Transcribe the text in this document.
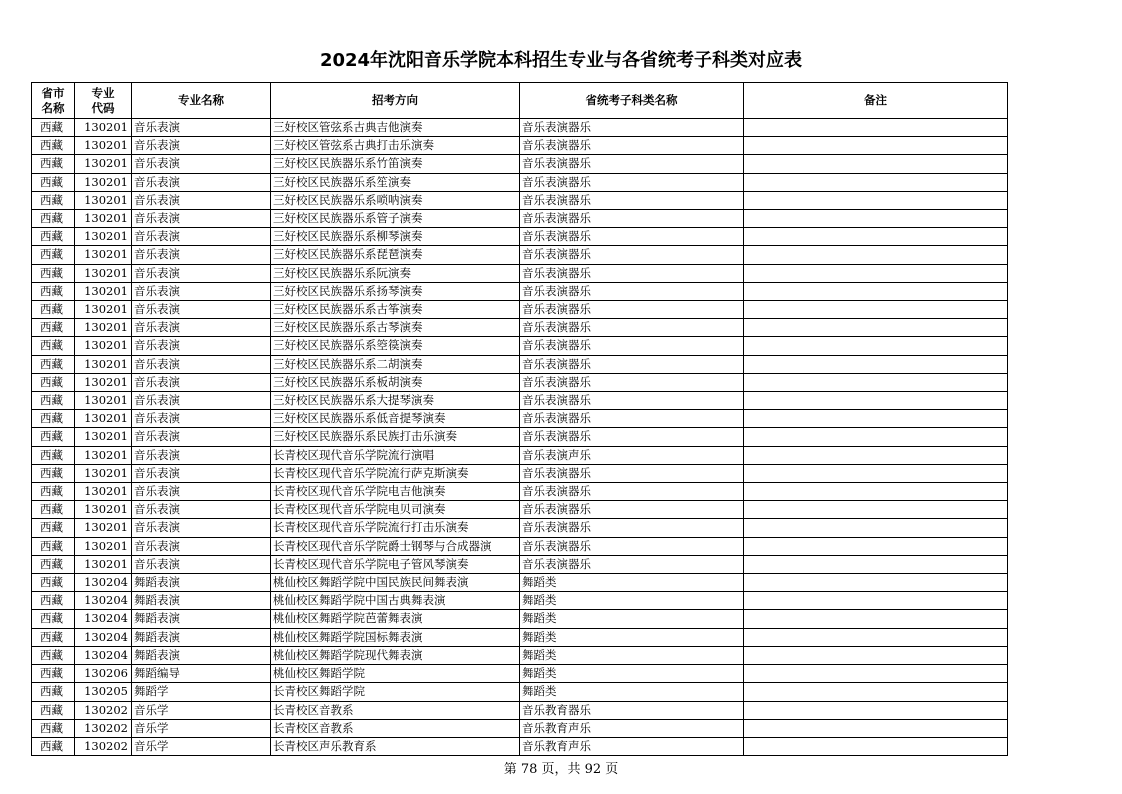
2024年沈阳音乐学院本科招生专业与各省统考子科类对应表
省市名称	专业代码	专业名称	招考方向	省统考子科类名称	备注
西藏	130201	音乐表演	三好校区管弦系古典吉他演奏	音乐表演器乐	
西藏	130201	音乐表演	三好校区管弦系古典打击乐演奏	音乐表演器乐	
西藏	130201	音乐表演	三好校区民族器乐系竹笛演奏	音乐表演器乐	
西藏	130201	音乐表演	三好校区民族器乐系笙演奏	音乐表演器乐	
西藏	130201	音乐表演	三好校区民族器乐系唢呐演奏	音乐表演器乐	
西藏	130201	音乐表演	三好校区民族器乐系管子演奏	音乐表演器乐	
西藏	130201	音乐表演	三好校区民族器乐系柳琴演奏	音乐表演器乐	
西藏	130201	音乐表演	三好校区民族器乐系琵琶演奏	音乐表演器乐	
西藏	130201	音乐表演	三好校区民族器乐系阮演奏	音乐表演器乐	
西藏	130201	音乐表演	三好校区民族器乐系扬琴演奏	音乐表演器乐	
西藏	130201	音乐表演	三好校区民族器乐系古筝演奏	音乐表演器乐	
西藏	130201	音乐表演	三好校区民族器乐系古琴演奏	音乐表演器乐	
西藏	130201	音乐表演	三好校区民族器乐系箜篌演奏	音乐表演器乐	
西藏	130201	音乐表演	三好校区民族器乐系二胡演奏	音乐表演器乐	
西藏	130201	音乐表演	三好校区民族器乐系板胡演奏	音乐表演器乐	
西藏	130201	音乐表演	三好校区民族器乐系大提琴演奏	音乐表演器乐	
西藏	130201	音乐表演	三好校区民族器乐系低音提琴演奏	音乐表演器乐	
西藏	130201	音乐表演	三好校区民族器乐系民族打击乐演奏	音乐表演器乐	
西藏	130201	音乐表演	长青校区现代音乐学院流行演唱	音乐表演声乐	
西藏	130201	音乐表演	长青校区现代音乐学院流行萨克斯演奏	音乐表演器乐	
西藏	130201	音乐表演	长青校区现代音乐学院电吉他演奏	音乐表演器乐	
西藏	130201	音乐表演	长青校区现代音乐学院电贝司演奏	音乐表演器乐	
西藏	130201	音乐表演	长青校区现代音乐学院流行打击乐演奏	音乐表演器乐	
西藏	130201	音乐表演	长青校区现代音乐学院爵士钢琴与合成器演	音乐表演器乐	
西藏	130201	音乐表演	长青校区现代音乐学院电子管风琴演奏	音乐表演器乐	
西藏	130204	舞蹈表演	桃仙校区舞蹈学院中国民族民间舞表演	舞蹈类	
西藏	130204	舞蹈表演	桃仙校区舞蹈学院中国古典舞表演	舞蹈类	
西藏	130204	舞蹈表演	桃仙校区舞蹈学院芭蕾舞表演	舞蹈类	
西藏	130204	舞蹈表演	桃仙校区舞蹈学院国标舞表演	舞蹈类	
西藏	130204	舞蹈表演	桃仙校区舞蹈学院现代舞表演	舞蹈类	
西藏	130206	舞蹈编导	桃仙校区舞蹈学院	舞蹈类	
西藏	130205	舞蹈学	长青校区舞蹈学院	舞蹈类	
西藏	130202	音乐学	长青校区音教系	音乐教育器乐	
西藏	130202	音乐学	长青校区音教系	音乐教育声乐	
西藏	130202	音乐学	长青校区声乐教育系	音乐教育声乐	
第 78 页，共 92 页
